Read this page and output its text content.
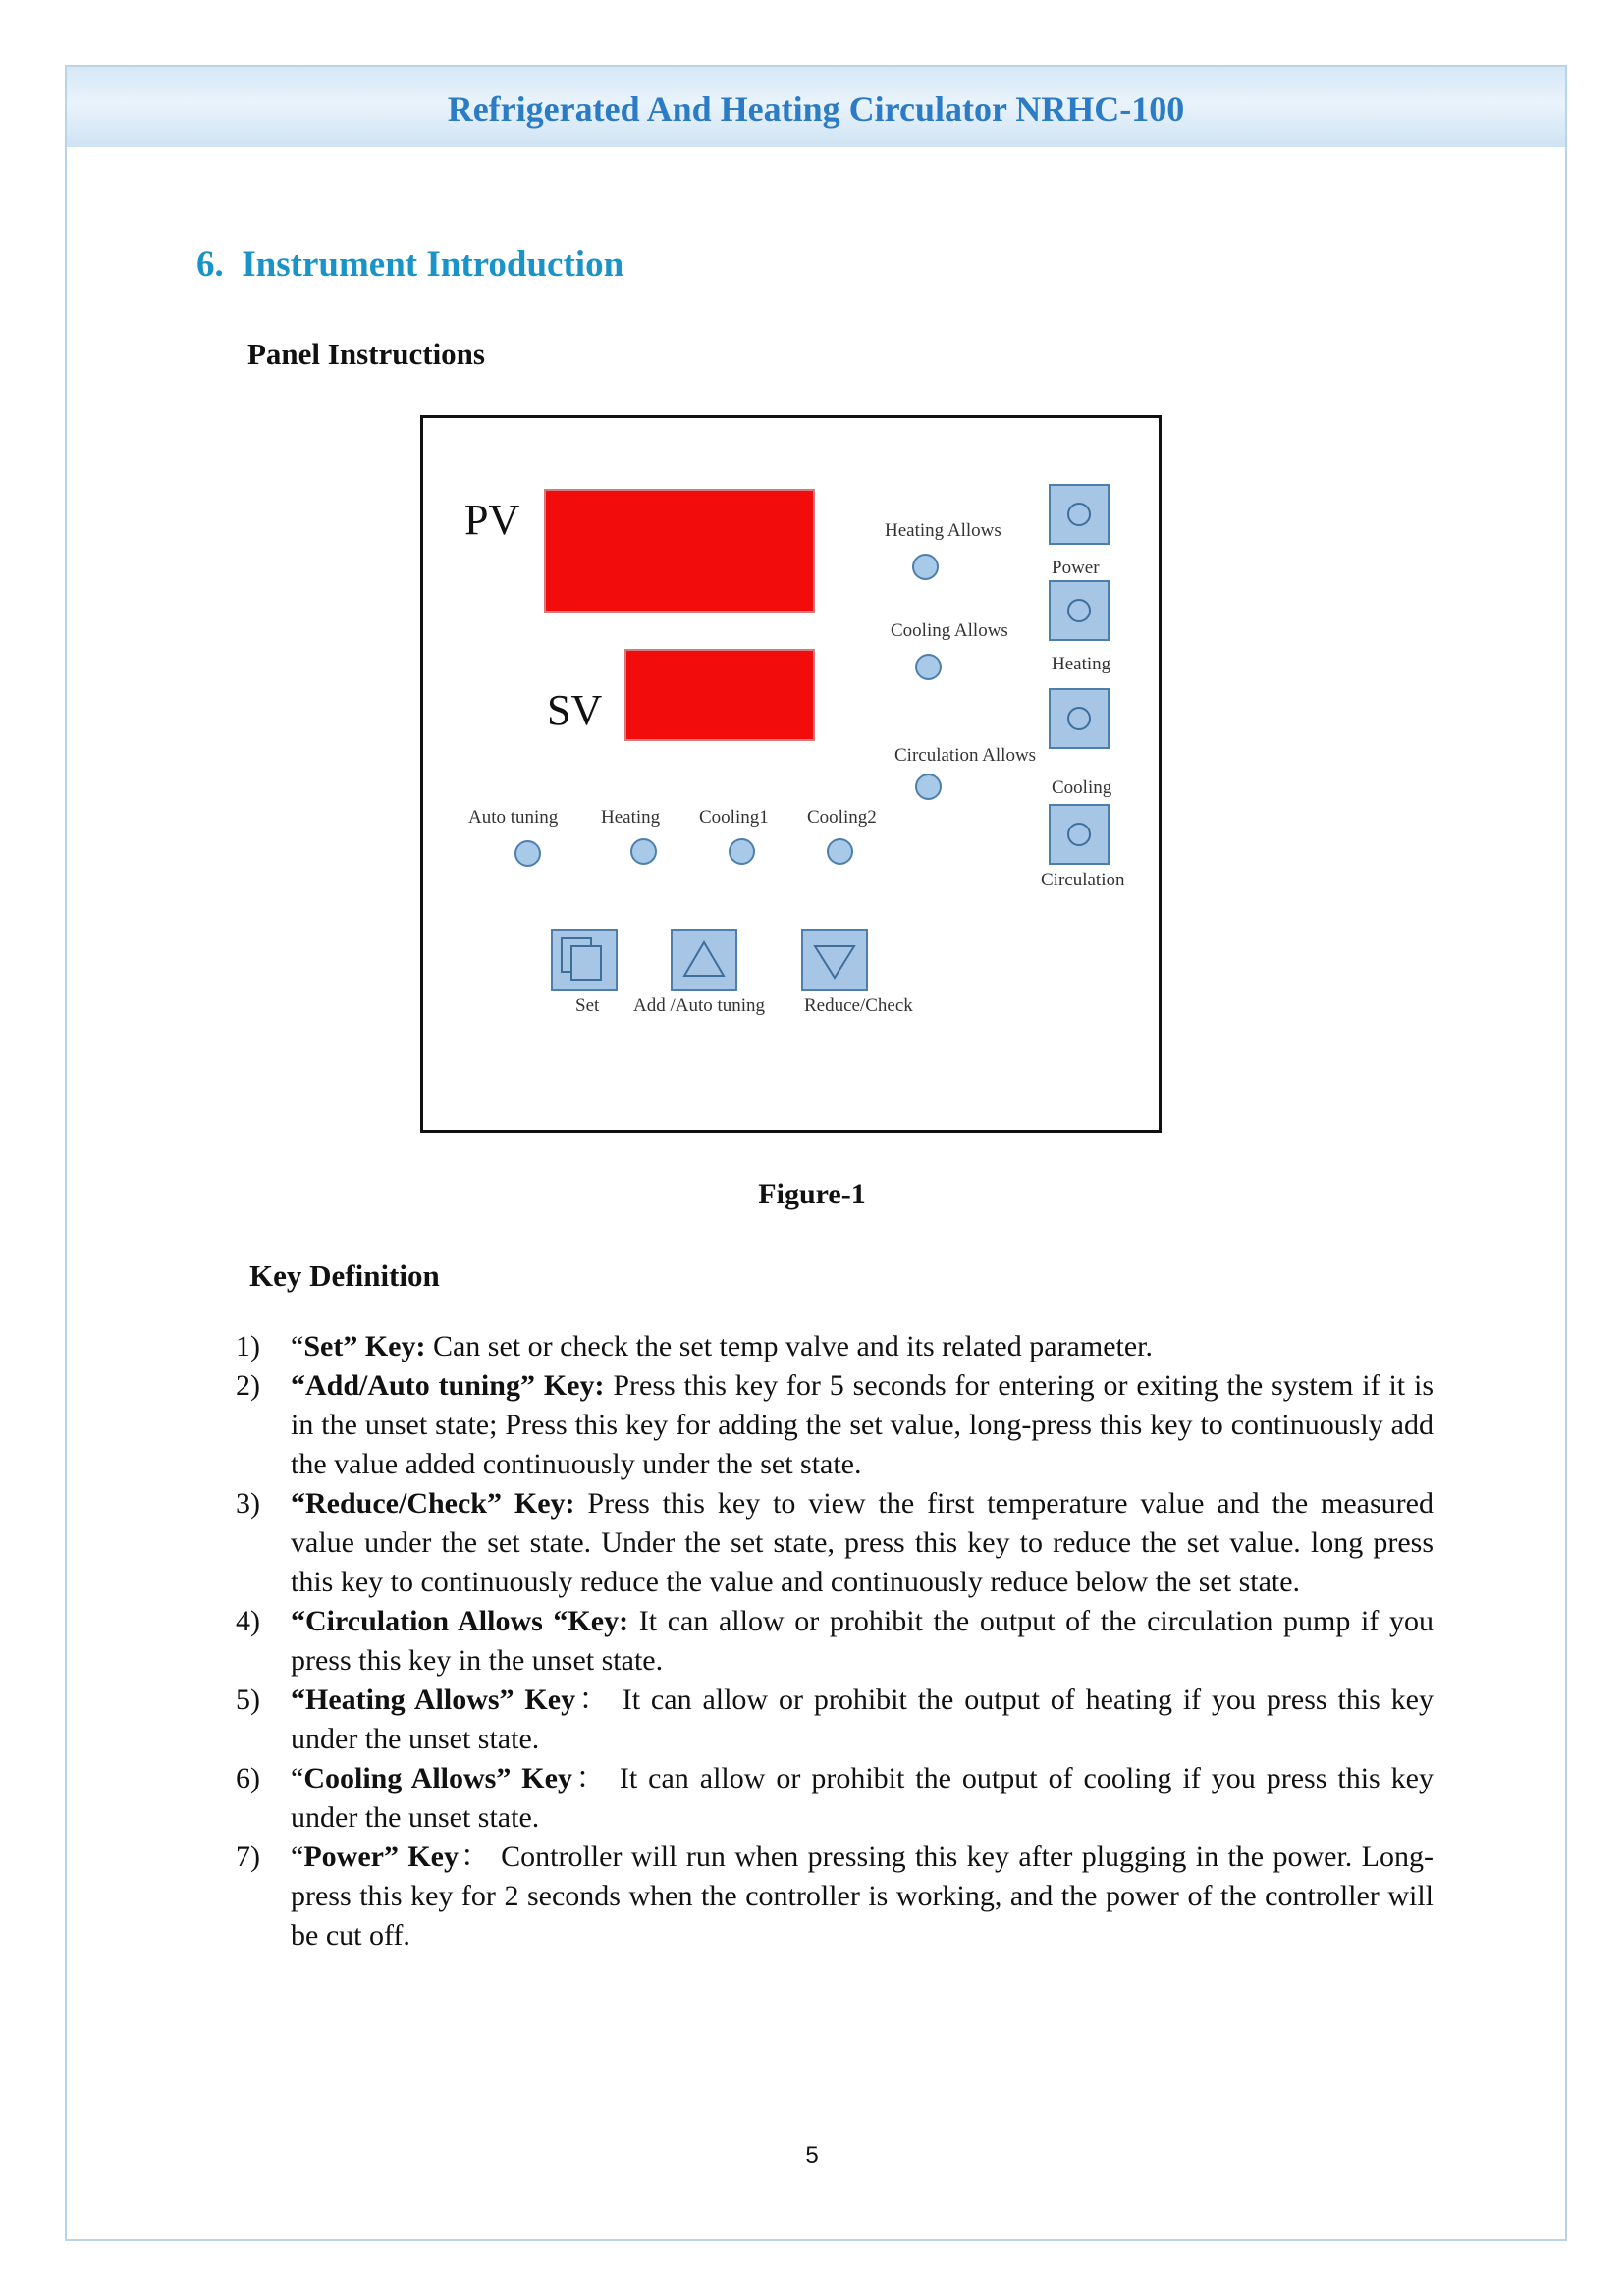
Refrigerated And Heating Circulator NRHC-100
6. Instrument Introduction
Panel Instructions
PV
SV
Heating Allows
Cooling Allows
Circulation Allows
Power
Heating
Cooling
Circulation
Auto tuning Heating Cooling1 Cooling2
Set Add /Auto tuning Reduce/Check
Figure-1
Key Definition
1) “Set” Key: Can set or check the set temp valve and its related parameter.
2) “Add/Auto tuning” Key: Press this key for 5 seconds for entering or exiting the system if it is in the unset state; Press this key for adding the set value, long-press this key to continuously add the value added continuously under the set state.
3) “Reduce/Check” Key: Press this key to view the first temperature value and the measured value under the set state. Under the set state, press this key to reduce the set value. long press this key to continuously reduce the value and continuously reduce below the set state.
4) “Circulation Allows “Key: It can allow or prohibit the output of the circulation pump if you press this key in the unset state.
5) “Heating Allows” Key： It can allow or prohibit the output of heating if you press this key under the unset state.
6) “Cooling Allows” Key： It can allow or prohibit the output of cooling if you press this key under the unset state.
7) “Power” Key： Controller will run when pressing this key after plugging in the power. Long-press this key for 2 seconds when the controller is working, and the power of the controller will be cut off.
5
